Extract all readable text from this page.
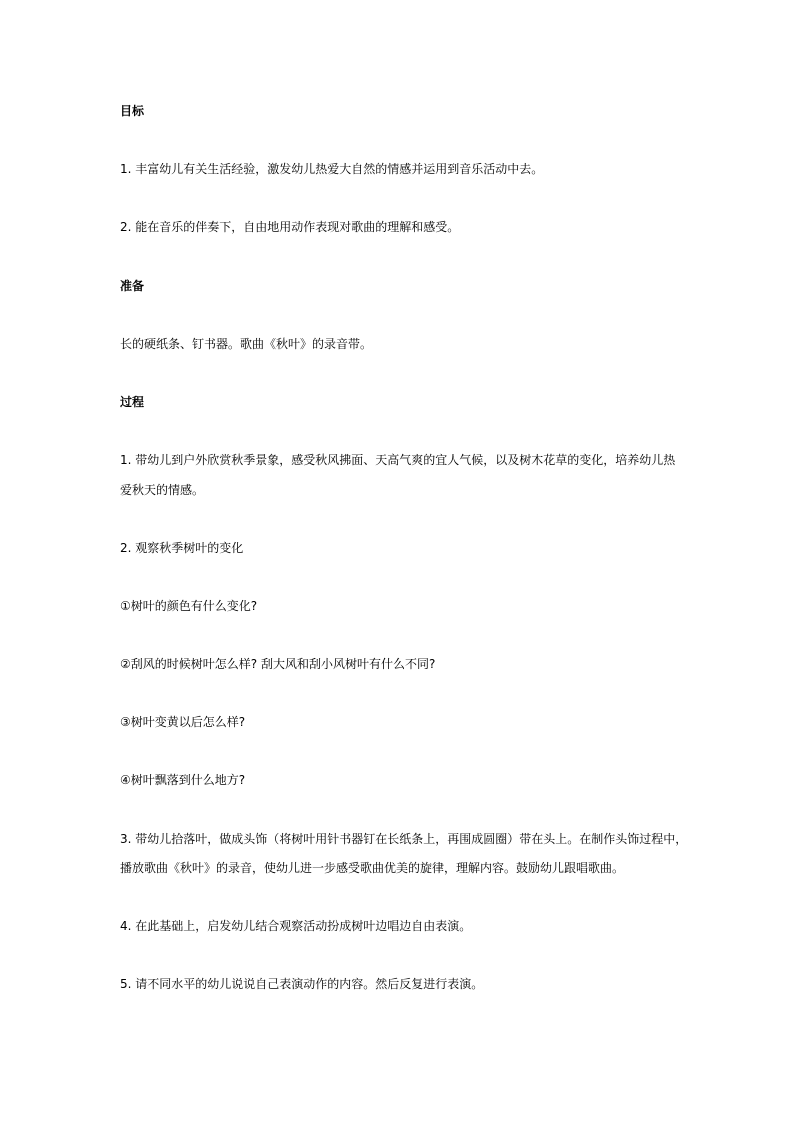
目标
1. 丰富幼儿有关生活经验，激发幼儿热爱大自然的情感并运用到音乐活动中去。
2. 能在音乐的伴奏下，自由地用动作表现对歌曲的理解和感受。
准备
长的硬纸条、钉书器。歌曲《秋叶》的录音带。
过程
1. 带幼儿到户外欣赏秋季景象，感受秋风拂面、天高气爽的宜人气候，以及树木花草的变化，培养幼儿热
爱秋天的情感。
2. 观察秋季树叶的变化
①树叶的颜色有什么变化?
②刮风的时候树叶怎么样? 刮大风和刮小风树叶有什么不同?
③树叶变黄以后怎么样?
④树叶飘落到什么地方?
3. 带幼儿拾落叶，做成头饰（将树叶用针书器钉在长纸条上，再围成圆圈）带在头上。在制作头饰过程中，
播放歌曲《秋叶》的录音，使幼儿进一步感受歌曲优美的旋律，理解内容。鼓励幼儿跟唱歌曲。
4. 在此基础上，启发幼儿结合观察活动扮成树叶边唱边自由表演。
5. 请不同水平的幼儿说说自己表演动作的内容。然后反复进行表演。
